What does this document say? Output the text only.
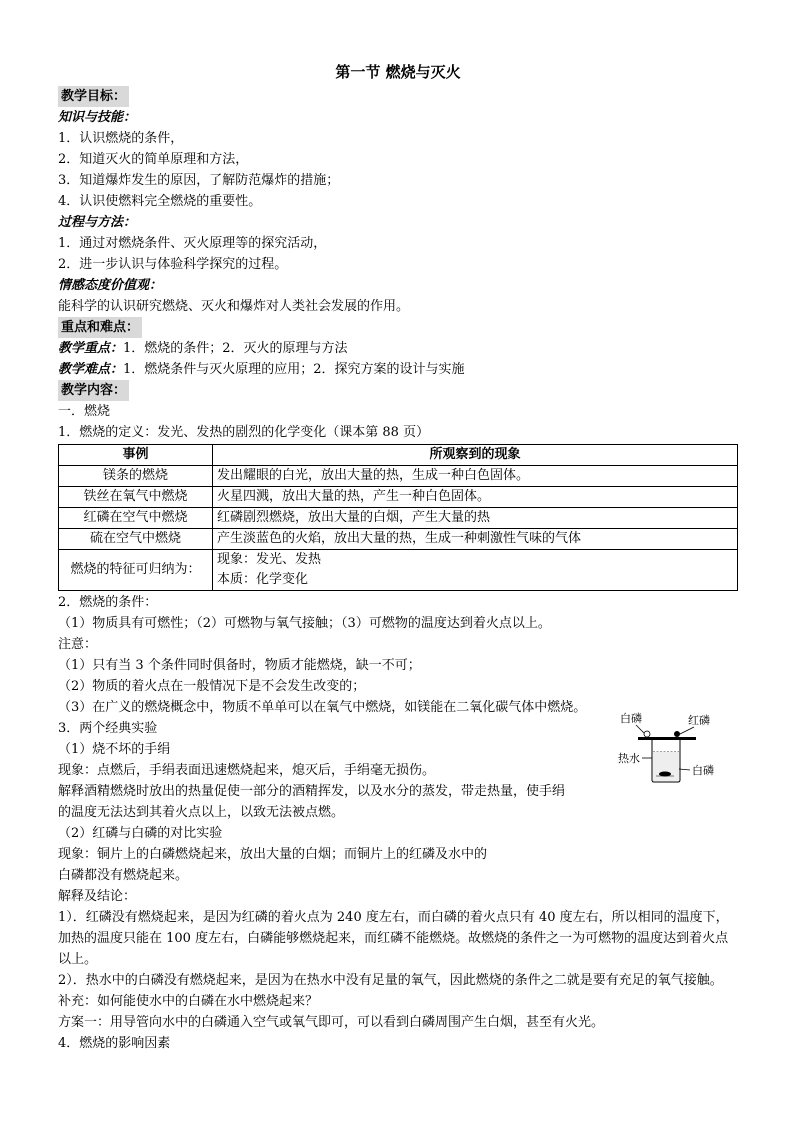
第一节 燃烧与灭火
教学目标：
知识与技能：
1．认识燃烧的条件，
2．知道灭火的简单原理和方法，
3．知道爆炸发生的原因，了解防范爆炸的措施；
4．认识使燃料完全燃烧的重要性。
过程与方法：
1．通过对燃烧条件、灭火原理等的探究活动，
2．进一步认识与体验科学探究的过程。
情感态度价值观：
能科学的认识研究燃烧、灭火和爆炸对人类社会发展的作用。
重点和难点：
教学重点：1．燃烧的条件；2．灭火的原理与方法
教学难点：1．燃烧条件与灭火原理的应用；2．探究方案的设计与实施
教学内容：
一．燃烧
1．燃烧的定义：发光、发热的剧烈的化学变化（课本第 88 页）
事例	所观察到的现象
镁条的燃烧	发出耀眼的白光，放出大量的热，生成一种白色固体。
铁丝在氧气中燃烧	火星四溅，放出大量的热，产生一种白色固体。
红磷在空气中燃烧	红磷剧烈燃烧，放出大量的白烟，产生大量的热
硫在空气中燃烧	产生淡蓝色的火焰，放出大量的热，生成一种刺激性气味的气体
燃烧的特征可归纳为：	现象：发光、发热
本质：化学变化
2．燃烧的条件：
（1）物质具有可燃性；（2）可燃物与氧气接触；（3）可燃物的温度达到着火点以上。
注意：
（1）只有当 3 个条件同时俱备时，物质才能燃烧，缺一不可；
（2）物质的着火点在一般情况下是不会发生改变的；
（3）在广义的燃烧概念中，物质不单单可以在氧气中燃烧，如镁能在二氧化碳气体中燃烧。
3．两个经典实验
（1）烧不坏的手绢
现象：点燃后，手绢表面迅速燃烧起来，熄灭后，手绢毫无损伤。
解释酒精燃烧时放出的热量促使一部分的酒精挥发，以及水分的蒸发，带走热量，使手绢
的温度无法达到其着火点以上，以致无法被点燃。
（2）红磷与白磷的对比实验
现象：铜片上的白磷燃烧起来，放出大量的白烟；而铜片上的红磷及水中的
白磷都没有燃烧起来。
解释及结论：
1）．红磷没有燃烧起来，是因为红磷的着火点为 240 度左右，而白磷的着火点只有 40 度左右，所以相同的温度下，加热的温度只能在 100 度左右，白磷能够燃烧起来，而红磷不能燃烧。故燃烧的条件之一为可燃物的温度达到着火点以上。
2）．热水中的白磷没有燃烧起来，是因为在热水中没有足量的氧气，因此燃烧的条件之二就是要有充足的氧气接触。
补充：如何能使水中的白磷在水中燃烧起来？
方案一：用导管向水中的白磷通入空气或氧气即可，可以看到白磷周围产生白烟，甚至有火光。
4．燃烧的影响因素
白磷	红磷
热水
白磷
